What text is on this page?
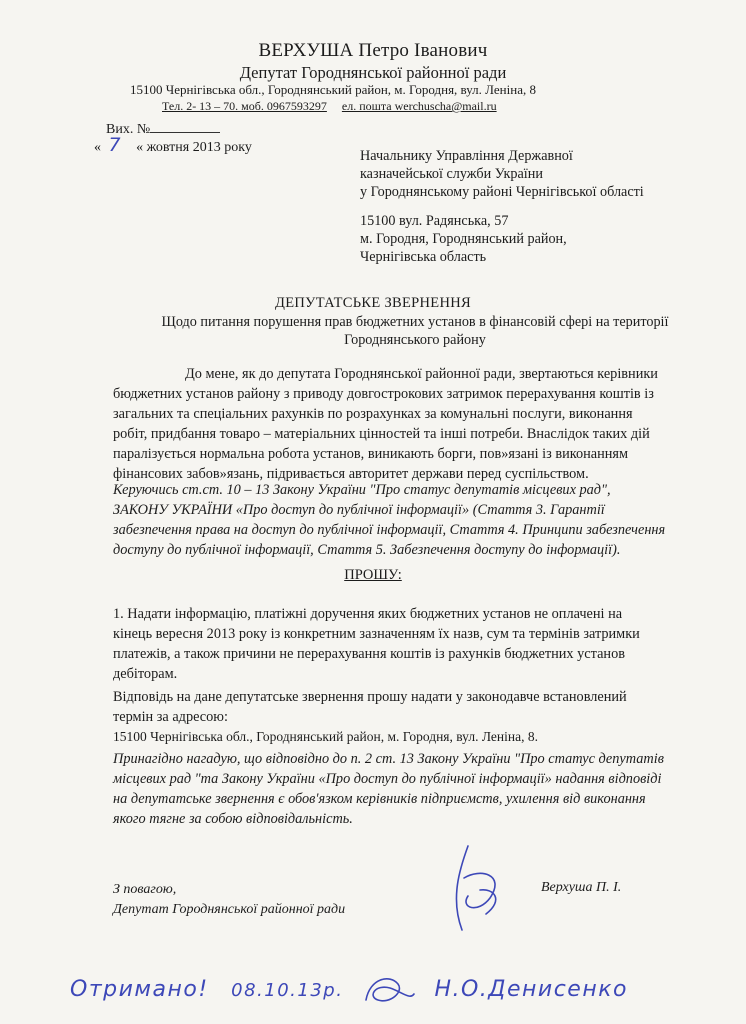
ВЕРХУША Петро Іванович
Депутат Городнянської районної ради
15100 Чернігівська обл., Городнянський район, м. Городня, вул. Леніна, 8
Тел. 2- 13 – 70. моб. 0967593297 ел. пошта werchuscha@mail.ru
Вих. №
« 7 « жовтня 2013 року
Начальнику Управління Державної
казначейської служби України
у Городнянському районі Чернігівської області
15100 вул. Радянська, 57
м. Городня, Городнянський район,
Чернігівська область
ДЕПУТАТСЬКЕ ЗВЕРНЕННЯ
Щодо питання порушення прав бюджетних установ в фінансовій сфері на території
Городнянського району
До мене, як до депутата Городнянської районної ради, звертаються керівники
бюджетних установ району з приводу довгострокових затримок перерахування коштів із
загальних та спеціальних рахунків по розрахунках за комунальні послуги, виконання
робіт, придбання товаро – матеріальних цінностей та інші потреби. Внаслідок таких дій
паралізується нормальна робота установ, виникають борги, пов»язані із виконанням
фінансових забов»язань, підривається авторитет держави перед суспільством.
Керуючись ст.ст. 10 – 13 Закону України "Про статус депутатів місцевих рад",
ЗАКОНУ УКРАЇНИ «Про доступ до публічної інформації» (Стаття 3. Гарантії
забезпечення права на доступ до публічної інформації, Стаття 4. Принципи забезпечення
доступу до публічної інформації, Стаття 5. Забезпечення доступу до інформації).
ПРОШУ:
1. Надати інформацію, платіжні доручення яких бюджетних установ не оплачені на
кінець вересня 2013 року із конкретним зазначенням їх назв, сум та термінів затримки
платежів, а також причини не перерахування коштів із рахунків бюджетних установ
дебіторам.
Відповідь на дане депутатське звернення прошу надати у законодавче встановлений
термін за адресою:
15100 Чернігівська обл., Городнянський район, м. Городня, вул. Леніна, 8.
Принагідно нагадую, що відповідно до п. 2 ст. 13 Закону України "Про статус депутатів
місцевих рад "та Закону України «Про доступ до публічної інформації» надання відповіді
на депутатське звернення є обов'язком керівників підприємств, ухилення від виконання
якого тягне за собою відповідальність.
З повагою,
Депутат Городнянської районної ради
Верхуша П. І.
Отримано! 08.10.13р.	Н.О.Денисенко
